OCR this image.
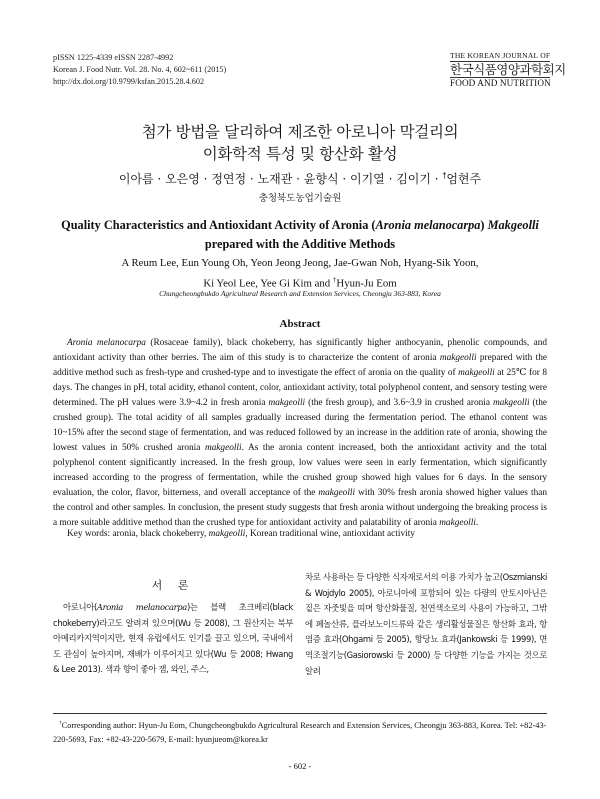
pISSN 1225-4339 eISSN 2287-4992
Korean J. Food Nutr. Vol. 28. No. 4, 602~611 (2015)
http://dx.doi.org/10.9799/ksfan.2015.28.4.602
THE KOREAN JOURNAL OF
한국식품영양과학회지
FOOD AND NUTRITION
첨가 방법을 달리하여 제조한 아로니아 막걸리의
이화학적 특성 및 항산화 활성
이아름 · 오은영 · 정연정 · 노재관 · 윤향식 · 이기열 · 김이기 · †엄현주
충청북도농업기술원
Quality Characteristics and Antioxidant Activity of Aronia (Aronia melanocarpa) Makgeolli
prepared with the Additive Methods
A Reum Lee, Eun Young Oh, Yeon Jeong Jeong, Jae-Gwan Noh, Hyang-Sik Yoon,
Ki Yeol Lee, Yee Gi Kim and †Hyun-Ju Eom
Chungcheongbukdo Agricultural Research and Extension Services, Cheongju 363-883, Korea
Abstract
Aronia melanocarpa (Rosaceae family), black chokeberry, has significantly higher anthocyanin, phenolic compounds, and antioxidant activity than other berries. The aim of this study is to characterize the content of aronia makgeolli prepared with the additive method such as fresh-type and crushed-type and to investigate the effect of aronia on the quality of makgeolli at 25℃ for 8 days. The changes in pH, total acidity, ethanol content, color, antioxidant activity, total polyphenol content, and sensory testing were determined. The pH values were 3.9~4.2 in fresh aronia makgeolli (the fresh group), and 3.6~3.9 in crushed aronia makgeolli (the crushed group). The total acidity of all samples gradually increased during the fermentation period. The ethanol content was 10~15% after the second stage of fermentation, and was reduced followed by an increase in the addition rate of aronia, showing the lowest values in 50% crushed aronia makgeolli. As the aronia content increased, both the antioxidant activity and the total polyphenol content significantly increased. In the fresh group, low values were seen in early fermentation, which significantly increased according to the progress of fermentation, while the crushed group showed high values for 6 days. In the sensory evaluation, the color, flavor, bitterness, and overall acceptance of the makgeolli with 30% fresh aronia showed higher values than the control and other samples. In conclusion, the present study suggests that fresh aronia without undergoing the breaking process is a more suitable additive method than the crushed type for antioxidant activity and palatability of aronia makgeolli.
Key words: aronia, black chokeberry, makgeolli, Korean traditional wine, antioxidant activity
서 론
아로니아(Aronia melanocarpa)는 블랙 초크베리(black chokeberry)라고도 알려져 있으며(Wu 등 2008), 그 원산지는 북부 아메리카지역이지만, 현재 유럽에서도 인기를 끌고 있으며, 국내에서도 관심이 높아지며, 재배가 이루어지고 있다(Wu 등 2008; Hwang & Lee 2013). 색과 향이 좋아 잼, 와인, 주스,
차로 사용하는 등 다양한 식자재로서의 이용 가치가 높고(Oszmianski & Wojdylo 2005), 아로니아에 포함되어 있는 다량의 안토시아닌은 짙은 자줏빛을 띠며 항산화물질, 천연색소로의 사용이 가능하고, 그밖에 페놀산류, 플라보노이드류와 같은 생리활성물질은 항산화 효과, 항염증 효과(Ohgami 등 2005), 항당뇨 효과(Jankowski 등 1999), 면역조절기능(Gasiorowski 등 2000) 등 다양한 기능을 가지는 것으로 알려
†Corresponding author: Hyun-Ju Eom, Chungcheongbukdo Agricultural Research and Extension Services, Cheongju 363-883, Korea. Tel: +82-43-220-5693, Fax: +82-43-220-5679, E-mail: hyunjueom@korea.kr
- 602 -
